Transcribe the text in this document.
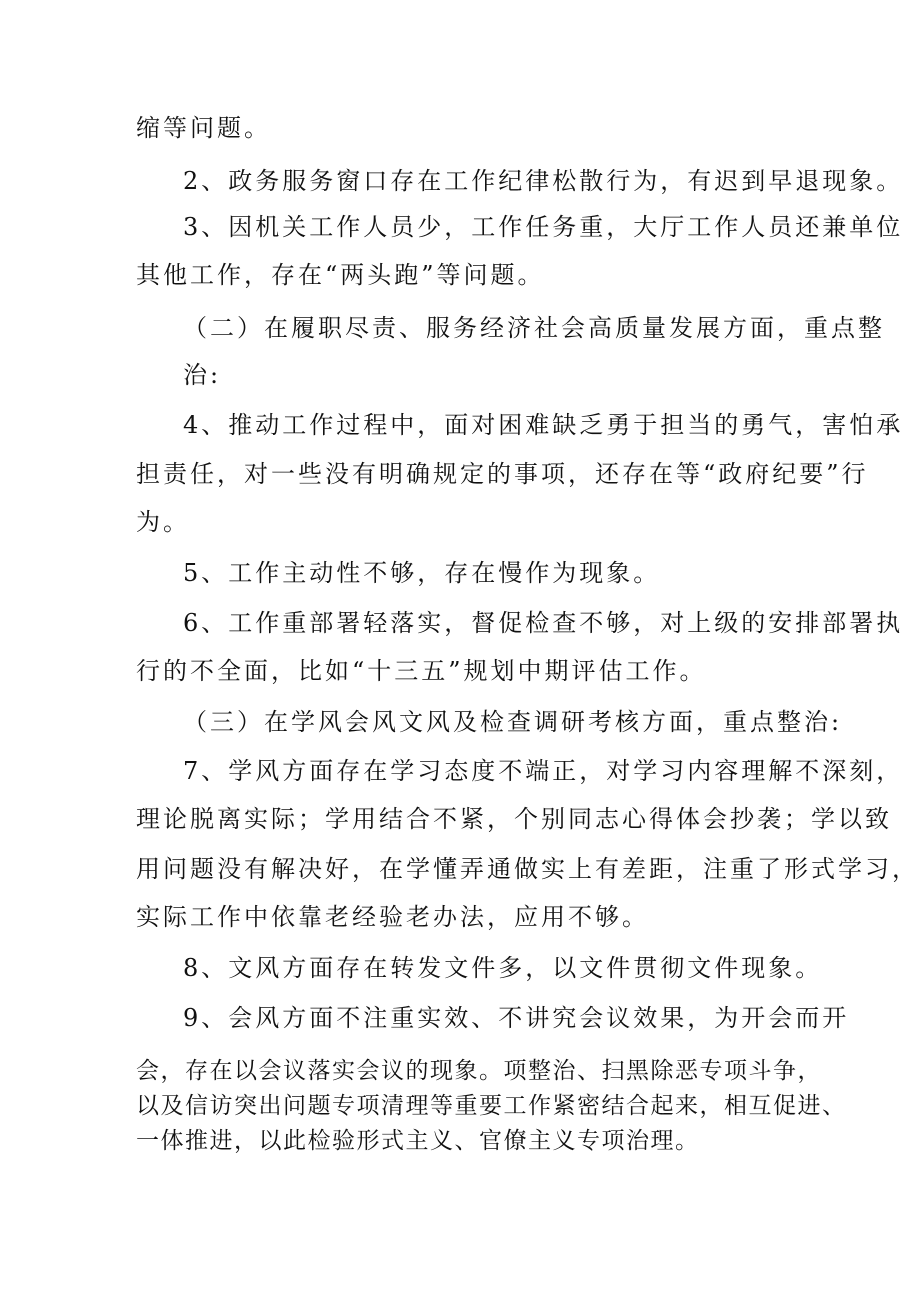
缩等问题。
2、政务服务窗口存在工作纪律松散行为，有迟到早退现象。
3、因机关工作人员少，工作任务重，大厅工作人员还兼单位
其他工作，存在“两头跑”等问题。
（二）在履职尽责、服务经济社会高质量发展方面，重点整
治:
4、推动工作过程中，面对困难缺乏勇于担当的勇气，害怕承
担责任，对一些没有明确规定的事项，还存在等“政府纪要”行
为。
5、工作主动性不够，存在慢作为现象。
6、工作重部署轻落实，督促检查不够，对上级的安排部署执
行的不全面，比如“十三五”规划中期评估工作。
（三）在学风会风文风及检查调研考核方面，重点整治:
7、学风方面存在学习态度不端正，对学习内容理解不深刻，
理论脱离实际；学用结合不紧，个别同志心得体会抄袭；学以致
用问题没有解决好，在学懂弄通做实上有差距，注重了形式学习，
实际工作中依靠老经验老办法，应用不够。
8、文风方面存在转发文件多，以文件贯彻文件现象。
9、会风方面不注重实效、不讲究会议效果，为开会而开
会，存在以会议落实会议的现象。项整治、扫黑除恶专项斗争，
以及信访突出问题专项清理等重要工作紧密结合起来，相互促进、
一体推进，以此检验形式主义、官僚主义专项治理。
